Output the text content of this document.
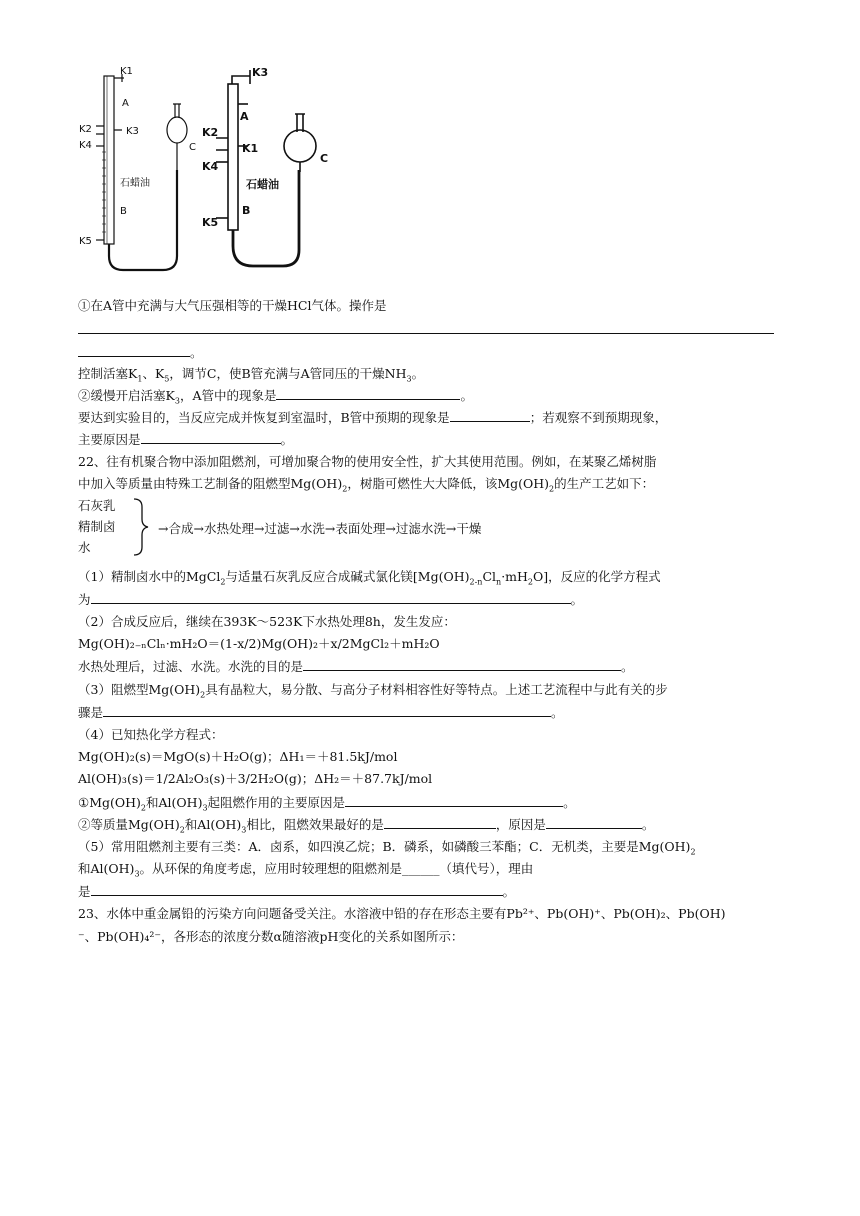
K1
A
K2	K3
K4	C
石蜡油
B
K5
K3
A
K2
K1
K4
C
石蜡油
B
K5
①在A管中充满与大气压强相等的干燥HCl气体。操作是
。
控制活塞$K_1$、$K_5$，调节C，使B管充满与A管同压的干燥$NH_3$。
②缓慢开启活塞$K_3$，A管中的现象是	。
要达到实验目的，当反应完成并恢复到室温时，B管中预期的现象是	；若观察不到预期现象，
主要原因是	。
22、往有机聚合物中添加阻燃剂，可增加聚合物的使用安全性，扩大其使用范围。例如，在某聚乙烯树脂
中加入等质量由特殊工艺制备的阻燃型$Mg(OH)_2$，树脂可燃性大大降低，该$Mg(OH)_2$的生产工艺如下：
石灰乳
精制卤
水
→合成→水热处理→过滤→水洗→表面处理→过滤水洗→干燥
（1）精制卤水中的MgCl$_2$与适量石灰乳反应合成碱式氯化镁$[Mg(OH)_{2-n}Cl_n\cdot mH_2O]$，反应的化学方程式
为	。
（2）合成反应后，继续在393K～523K下水热处理8h，发生发应：
Mg(OH)₂₋ₙClₙ·mH₂O＝(1-x/2)Mg(OH)₂＋x/2MgCl₂＋mH₂O
水热处理后，过滤、水洗。水洗的目的是	。
（3）阻燃型$Mg(OH)_2$具有晶粒大，易分散、与高分子材料相容性好等特点。上述工艺流程中与此有关的步
骤是	。
（4）已知热化学方程式：
Mg(OH)₂(s)＝MgO(s)＋H₂O(g)；ΔH₁＝＋81.5kJ/mol
Al(OH)₃(s)＝1/2Al₂O₃(s)＋3/2H₂O(g)；ΔH₂＝＋87.7kJ/mol
$①Mg(OH)_2$和$Al(OH)_3$起阻燃作用的主要原因是	。
②等质量$Mg(OH)_2$和$Al(OH)_3$相比，阻燃效果最好的是	，原因是	。
（5）常用阻燃剂主要有三类：A．卤系，如四溴乙烷；B．磷系，如磷酸三苯酯；C．无机类，主要是$Mg(OH)_2$
和$Al(OH)_3$。从环保的角度考虑，应用时较理想的阻燃剂是______（填代号），理由
是	。
23、水体中重金属铅的污染方向问题备受关注。水溶液中铅的存在形态主要有Pb²⁺、Pb(OH)⁺、Pb(OH)₂、Pb(OH)
⁻、Pb(OH)₄²⁻，各形态的浓度分数α随溶液pH变化的关系如图所示：
